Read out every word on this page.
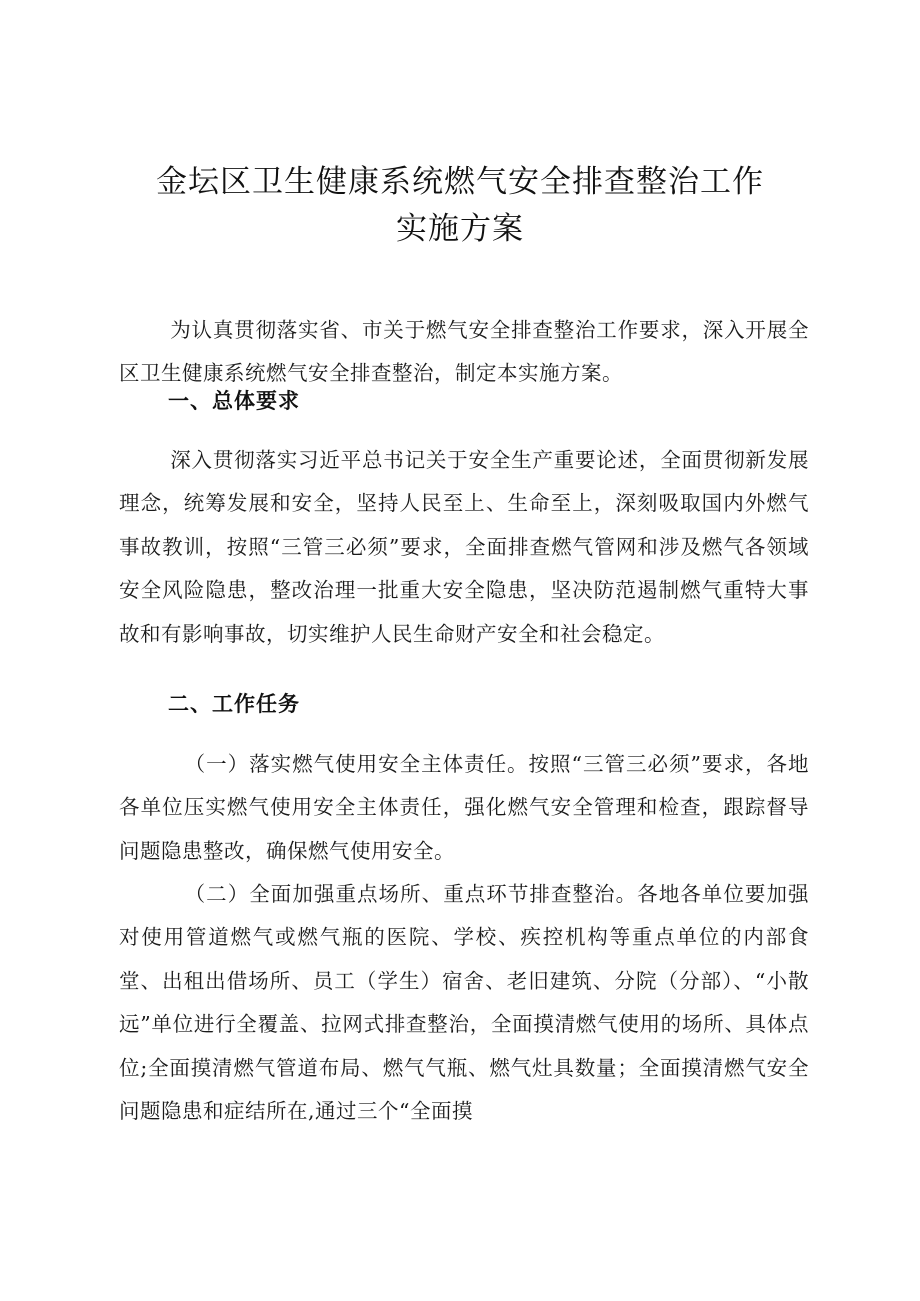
金坛区卫生健康系统燃气安全排查整治工作
实施方案

为认真贯彻落实省、市关于燃气安全排查整治工作要求，深入开展全区卫生健康系统燃气安全排查整治，制定本实施方案。

一、总体要求

深入贯彻落实习近平总书记关于安全生产重要论述，全面贯彻新发展理念，统筹发展和安全，坚持人民至上、生命至上，深刻吸取国内外燃气事故教训，按照“三管三必须”要求，全面排查燃气管网和涉及燃气各领域安全风险隐患，整改治理一批重大安全隐患，坚决防范遏制燃气重特大事故和有影响事故，切实维护人民生命财产安全和社会稳定。

二、工作任务

（一）落实燃气使用安全主体责任。按照“三管三必须”要求，各地各单位压实燃气使用安全主体责任，强化燃气安全管理和检查，跟踪督导问题隐患整改，确保燃气使用安全。

（二）全面加强重点场所、重点环节排查整治。各地各单位要加强对使用管道燃气或燃气瓶的医院、学校、疾控机构等重点单位的内部食堂、出租出借场所、员工（学生）宿舍、老旧建筑、分院（分部）、“小散远”单位进行全覆盖、拉网式排查整治，全面摸清燃气使用的场所、具体点位;全面摸清燃气管道布局、燃气气瓶、燃气灶具数量；全面摸清燃气安全问题隐患和症结所在,通过三个“全面摸
